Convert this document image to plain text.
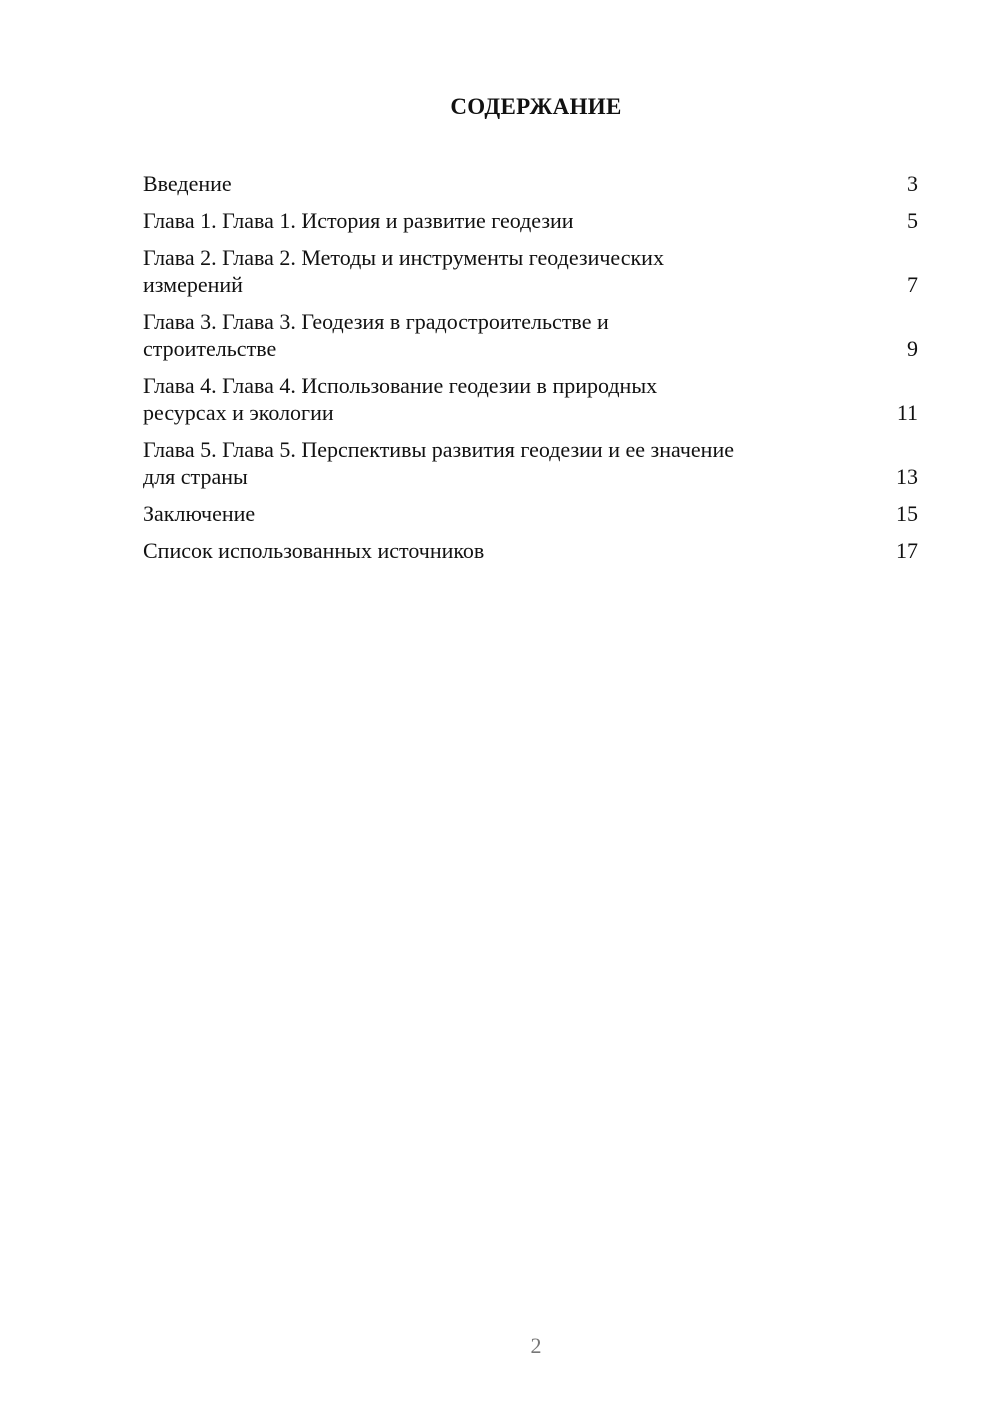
СОДЕРЖАНИЕ
Введение	3
Глава 1. Глава 1. История и развитие геодезии	5
Глава 2. Глава 2. Методы и инструменты геодезических
измерений	7
Глава 3. Глава 3. Геодезия в градостроительстве и
строительстве	9
Глава 4. Глава 4. Использование геодезии в природных
ресурсах и экологии	11
Глава 5. Глава 5. Перспективы развития геодезии и ее значение
для страны	13
Заключение	15
Список использованных источников	17
2
